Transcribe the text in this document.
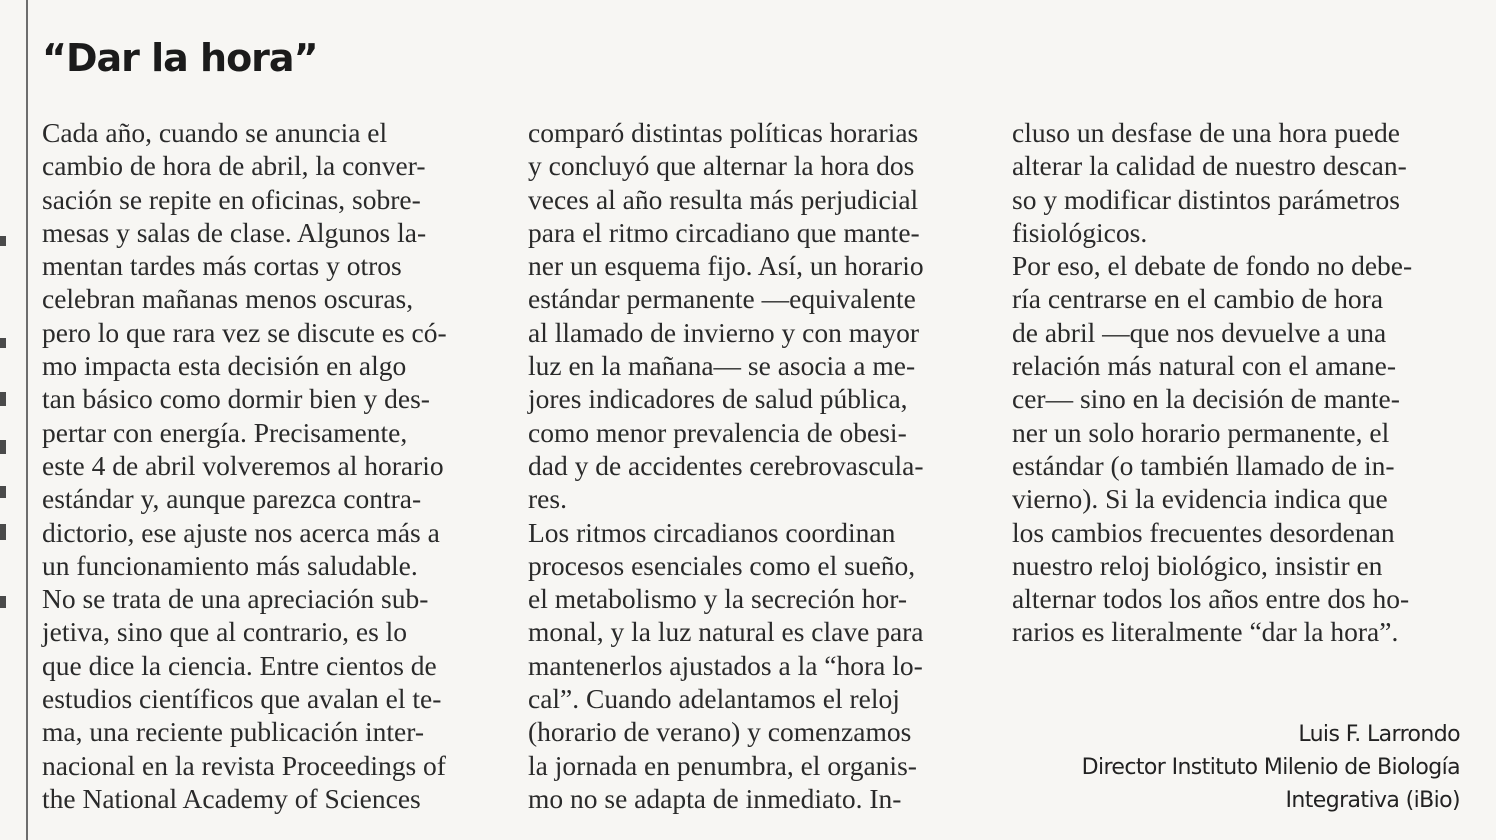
“Dar la hora”

Cada año, cuando se anuncia el
cambio de hora de abril, la conver-
sación se repite en oficinas, sobre-
mesas y salas de clase. Algunos la-
mentan tardes más cortas y otros
celebran mañanas menos oscuras,
pero lo que rara vez se discute es có-
mo impacta esta decisión en algo
tan básico como dormir bien y des-
pertar con energía. Precisamente,
este 4 de abril volveremos al horario
estándar y, aunque parezca contra-
dictorio, ese ajuste nos acerca más a
un funcionamiento más saludable.
No se trata de una apreciación sub-
jetiva, sino que al contrario, es lo
que dice la ciencia. Entre cientos de
estudios científicos que avalan el te-
ma, una reciente publicación inter-
nacional en la revista Proceedings of
the National Academy of Sciences

comparó distintas políticas horarias
y concluyó que alternar la hora dos
veces al año resulta más perjudicial
para el ritmo circadiano que mante-
ner un esquema fijo. Así, un horario
estándar permanente —equivalente
al llamado de invierno y con mayor
luz en la mañana— se asocia a me-
jores indicadores de salud pública,
como menor prevalencia de obesi-
dad y de accidentes cerebrovascula-
res.
Los ritmos circadianos coordinan
procesos esenciales como el sueño,
el metabolismo y la secreción hor-
monal, y la luz natural es clave para
mantenerlos ajustados a la “hora lo-
cal”. Cuando adelantamos el reloj
(horario de verano) y comenzamos
la jornada en penumbra, el organis-
mo no se adapta de inmediato. In-

cluso un desfase de una hora puede
alterar la calidad de nuestro descan-
so y modificar distintos parámetros
fisiológicos.
Por eso, el debate de fondo no debe-
ría centrarse en el cambio de hora
de abril —que nos devuelve a una
relación más natural con el amane-
cer— sino en la decisión de mante-
ner un solo horario permanente, el
estándar (o también llamado de in-
vierno). Si la evidencia indica que
los cambios frecuentes desordenan
nuestro reloj biológico, insistir en
alternar todos los años entre dos ho-
rarios es literalmente “dar la hora”.

Luis F. Larrondo
Director Instituto Milenio de Biología
Integrativa (iBio)
